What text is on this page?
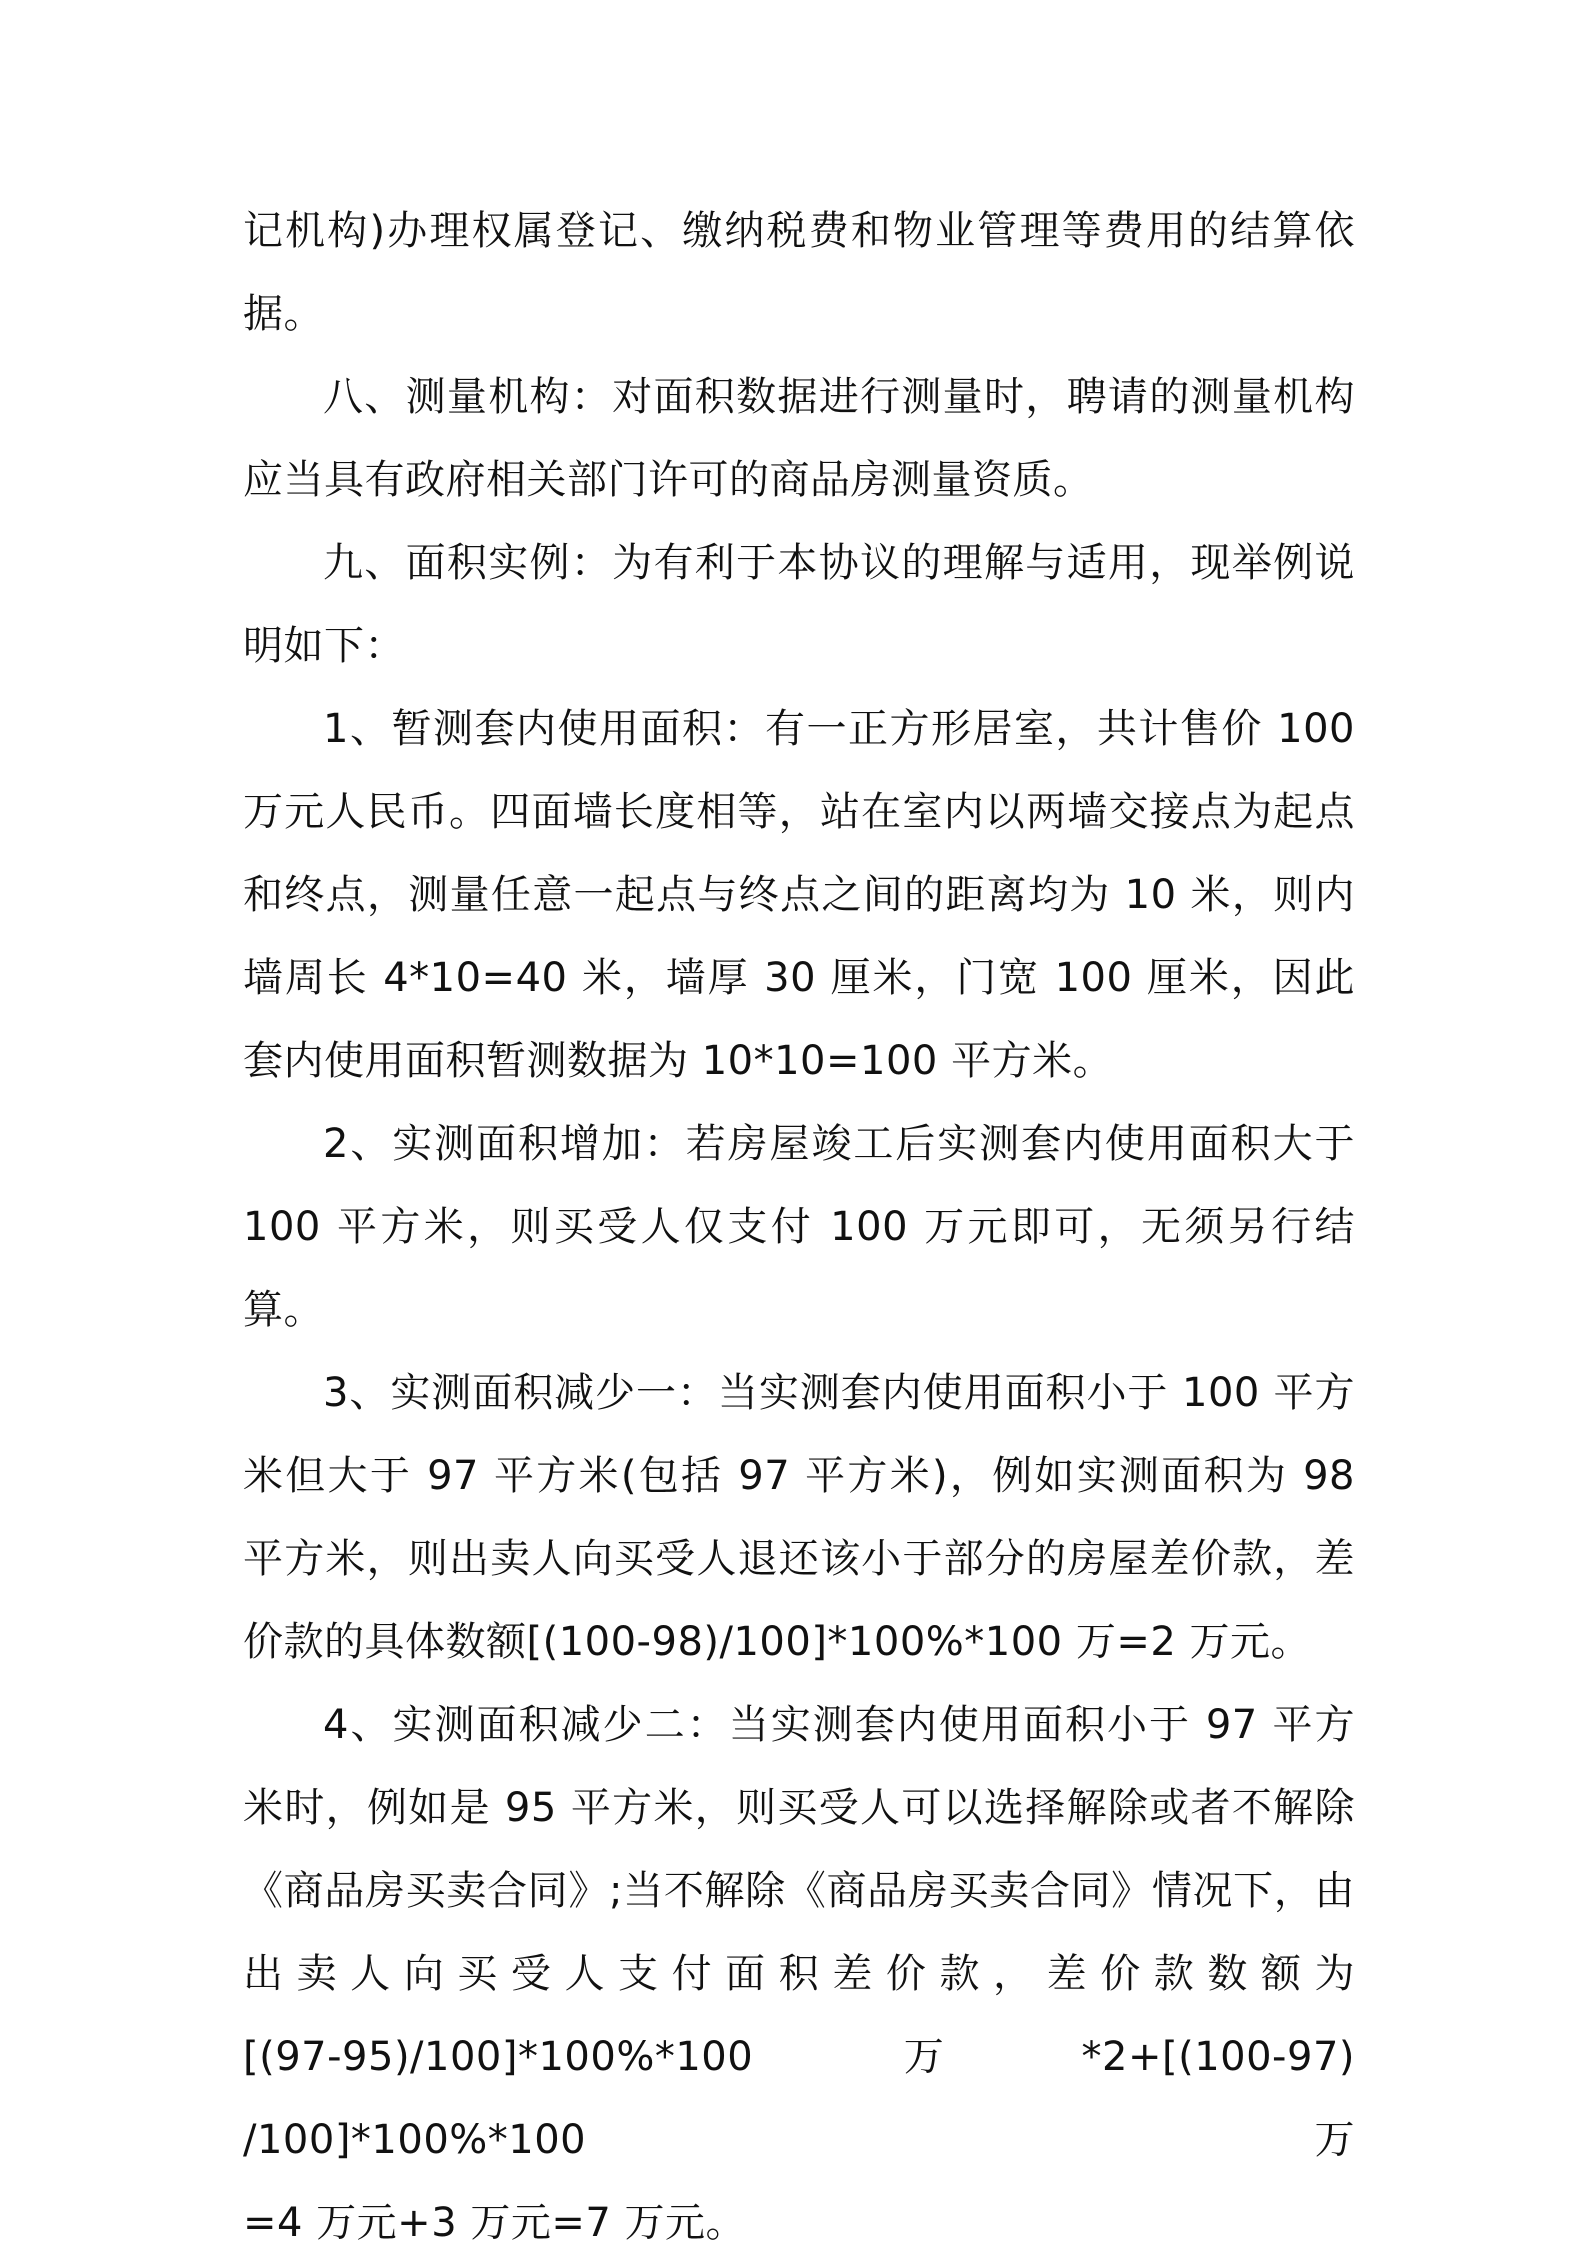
记机构)办理权属登记、缴纳税费和物业管理等费用的结算依据。

八、测量机构：对面积数据进行测量时，聘请的测量机构应当具有政府相关部门许可的商品房测量资质。

九、面积实例：为有利于本协议的理解与适用，现举例说明如下：

1、暂测套内使用面积：有一正方形居室，共计售价 100 万元人民币。四面墙长度相等，站在室内以两墙交接点为起点和终点，测量任意一起点与终点之间的距离均为 10 米，则内墙周长 4*10=40 米，墙厚 30 厘米，门宽 100 厘米，因此套内使用面积暂测数据为 10*10=100 平方米。

2、实测面积增加：若房屋竣工后实测套内使用面积大于 100 平方米，则买受人仅支付 100 万元即可，无须另行结算。

3、实测面积减少一：当实测套内使用面积小于 100 平方米但大于 97 平方米(包括 97 平方米)，例如实测面积为 98 平方米，则出卖人向买受人退还该小于部分的房屋差价款，差价款的具体数额[(100-98)/100]*100%*100 万=2 万元。

4、实测面积减少二：当实测套内使用面积小于 97 平方米时，例如是 95 平方米，则买受人可以选择解除或者不解除《商品房买卖合同》;当不解除《商品房买卖合同》情况下，由出卖人向买受人支付面积差价款，差价款数额为

[(97-95)/100]*100%*100 万*2+[(100-97) /100]*100%*100 万

=4 万元+3 万元=7 万元。
